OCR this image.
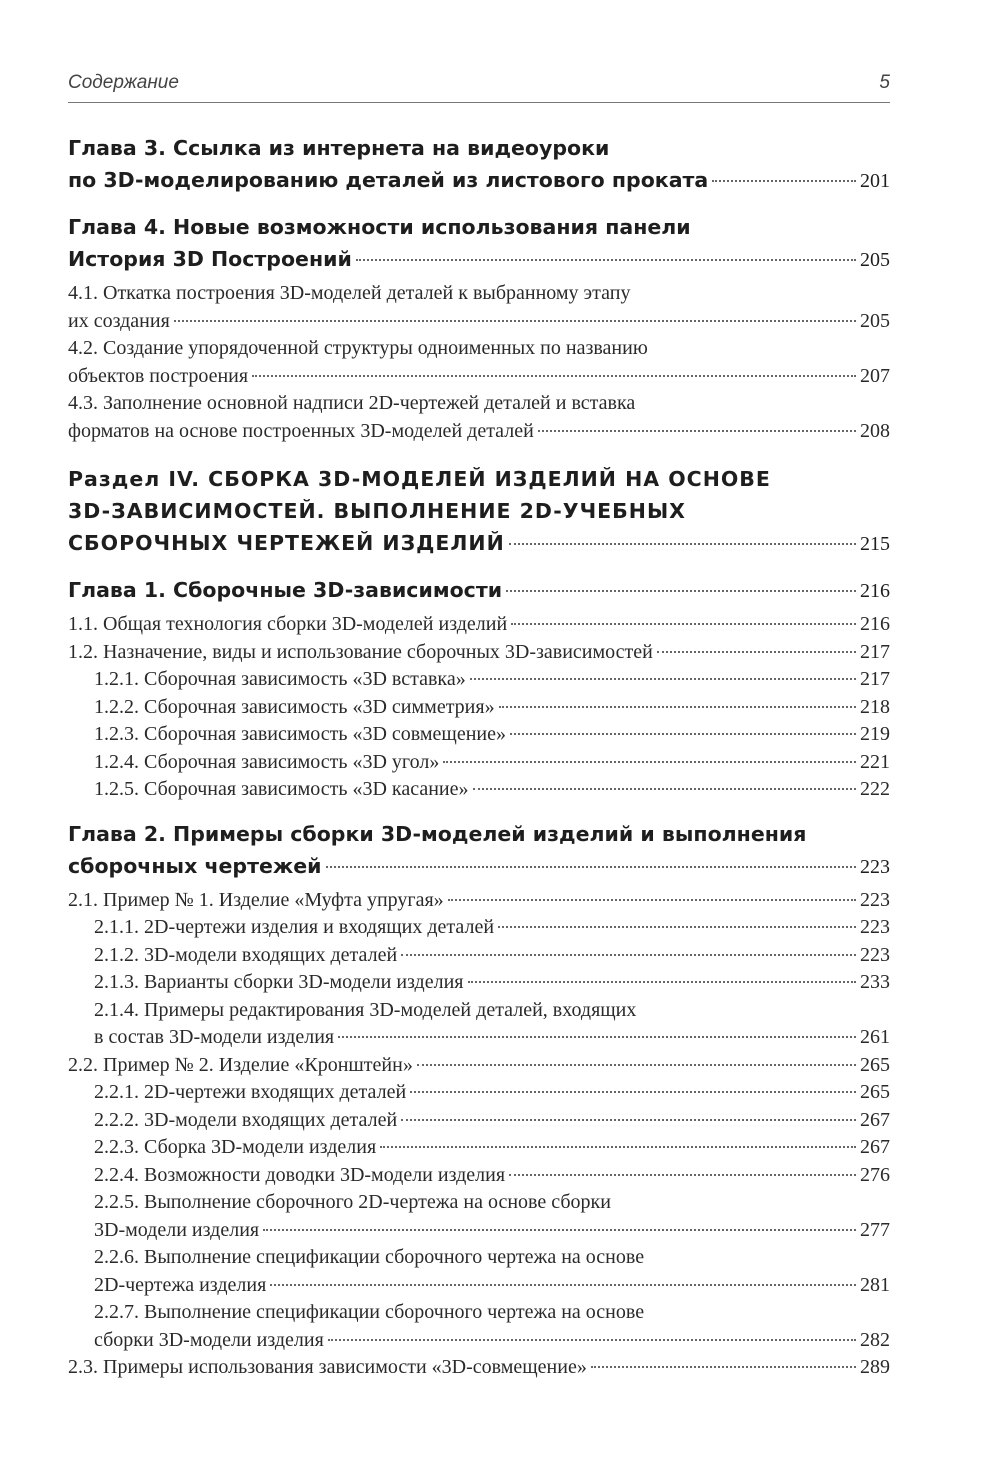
Содержание	5
Глава 3. Ссылка из интернета на видеоуроки
по 3D-моделированию деталей из листового проката	201
Глава 4. Новые возможности использования панели
История 3D Построений	205
4.1. Откатка построения 3D-моделей деталей к выбранному этапу
их создания	205
4.2. Создание упорядоченной структуры одноименных по названию
объектов построения	207
4.3. Заполнение основной надписи 2D-чертежей деталей и вставка
форматов на основе построенных 3D-моделей деталей	208
Раздел IV. СБОРКА 3D-МОДЕЛЕЙ ИЗДЕЛИЙ НА ОСНОВЕ
3D-ЗАВИСИМОСТЕЙ. ВЫПОЛНЕНИЕ 2D-УЧЕБНЫХ
СБОРОЧНЫХ ЧЕРТЕЖЕЙ ИЗДЕЛИЙ	215
Глава 1. Сборочные 3D-зависимости	216
1.1. Общая технология сборки 3D-моделей изделий	216
1.2. Назначение, виды и использование сборочных 3D-зависимостей	217
1.2.1. Сборочная зависимость «3D вставка»	217
1.2.2. Сборочная зависимость «3D симметрия»	218
1.2.3. Сборочная зависимость «3D совмещение»	219
1.2.4. Сборочная зависимость «3D угол»	221
1.2.5. Сборочная зависимость «3D касание»	222
Глава 2. Примеры сборки 3D-моделей изделий и выполнения
сборочных чертежей	223
2.1. Пример № 1. Изделие «Муфта упругая»	223
2.1.1. 2D-чертежи изделия и входящих деталей	223
2.1.2. 3D-модели входящих деталей	223
2.1.3. Варианты сборки 3D-модели изделия	233
2.1.4. Примеры редактирования 3D-моделей деталей, входящих
в состав 3D-модели изделия	261
2.2. Пример № 2. Изделие «Кронштейн»	265
2.2.1. 2D-чертежи входящих деталей	265
2.2.2. 3D-модели входящих деталей	267
2.2.3. Сборка 3D-модели изделия	267
2.2.4. Возможности доводки 3D-модели изделия	276
2.2.5. Выполнение сборочного 2D-чертежа на основе сборки
3D-модели изделия	277
2.2.6. Выполнение спецификации сборочного чертежа на основе
2D-чертежа изделия	281
2.2.7. Выполнение спецификации сборочного чертежа на основе
сборки 3D-модели изделия	282
2.3. Примеры использования зависимости «3D-совмещение»	289
